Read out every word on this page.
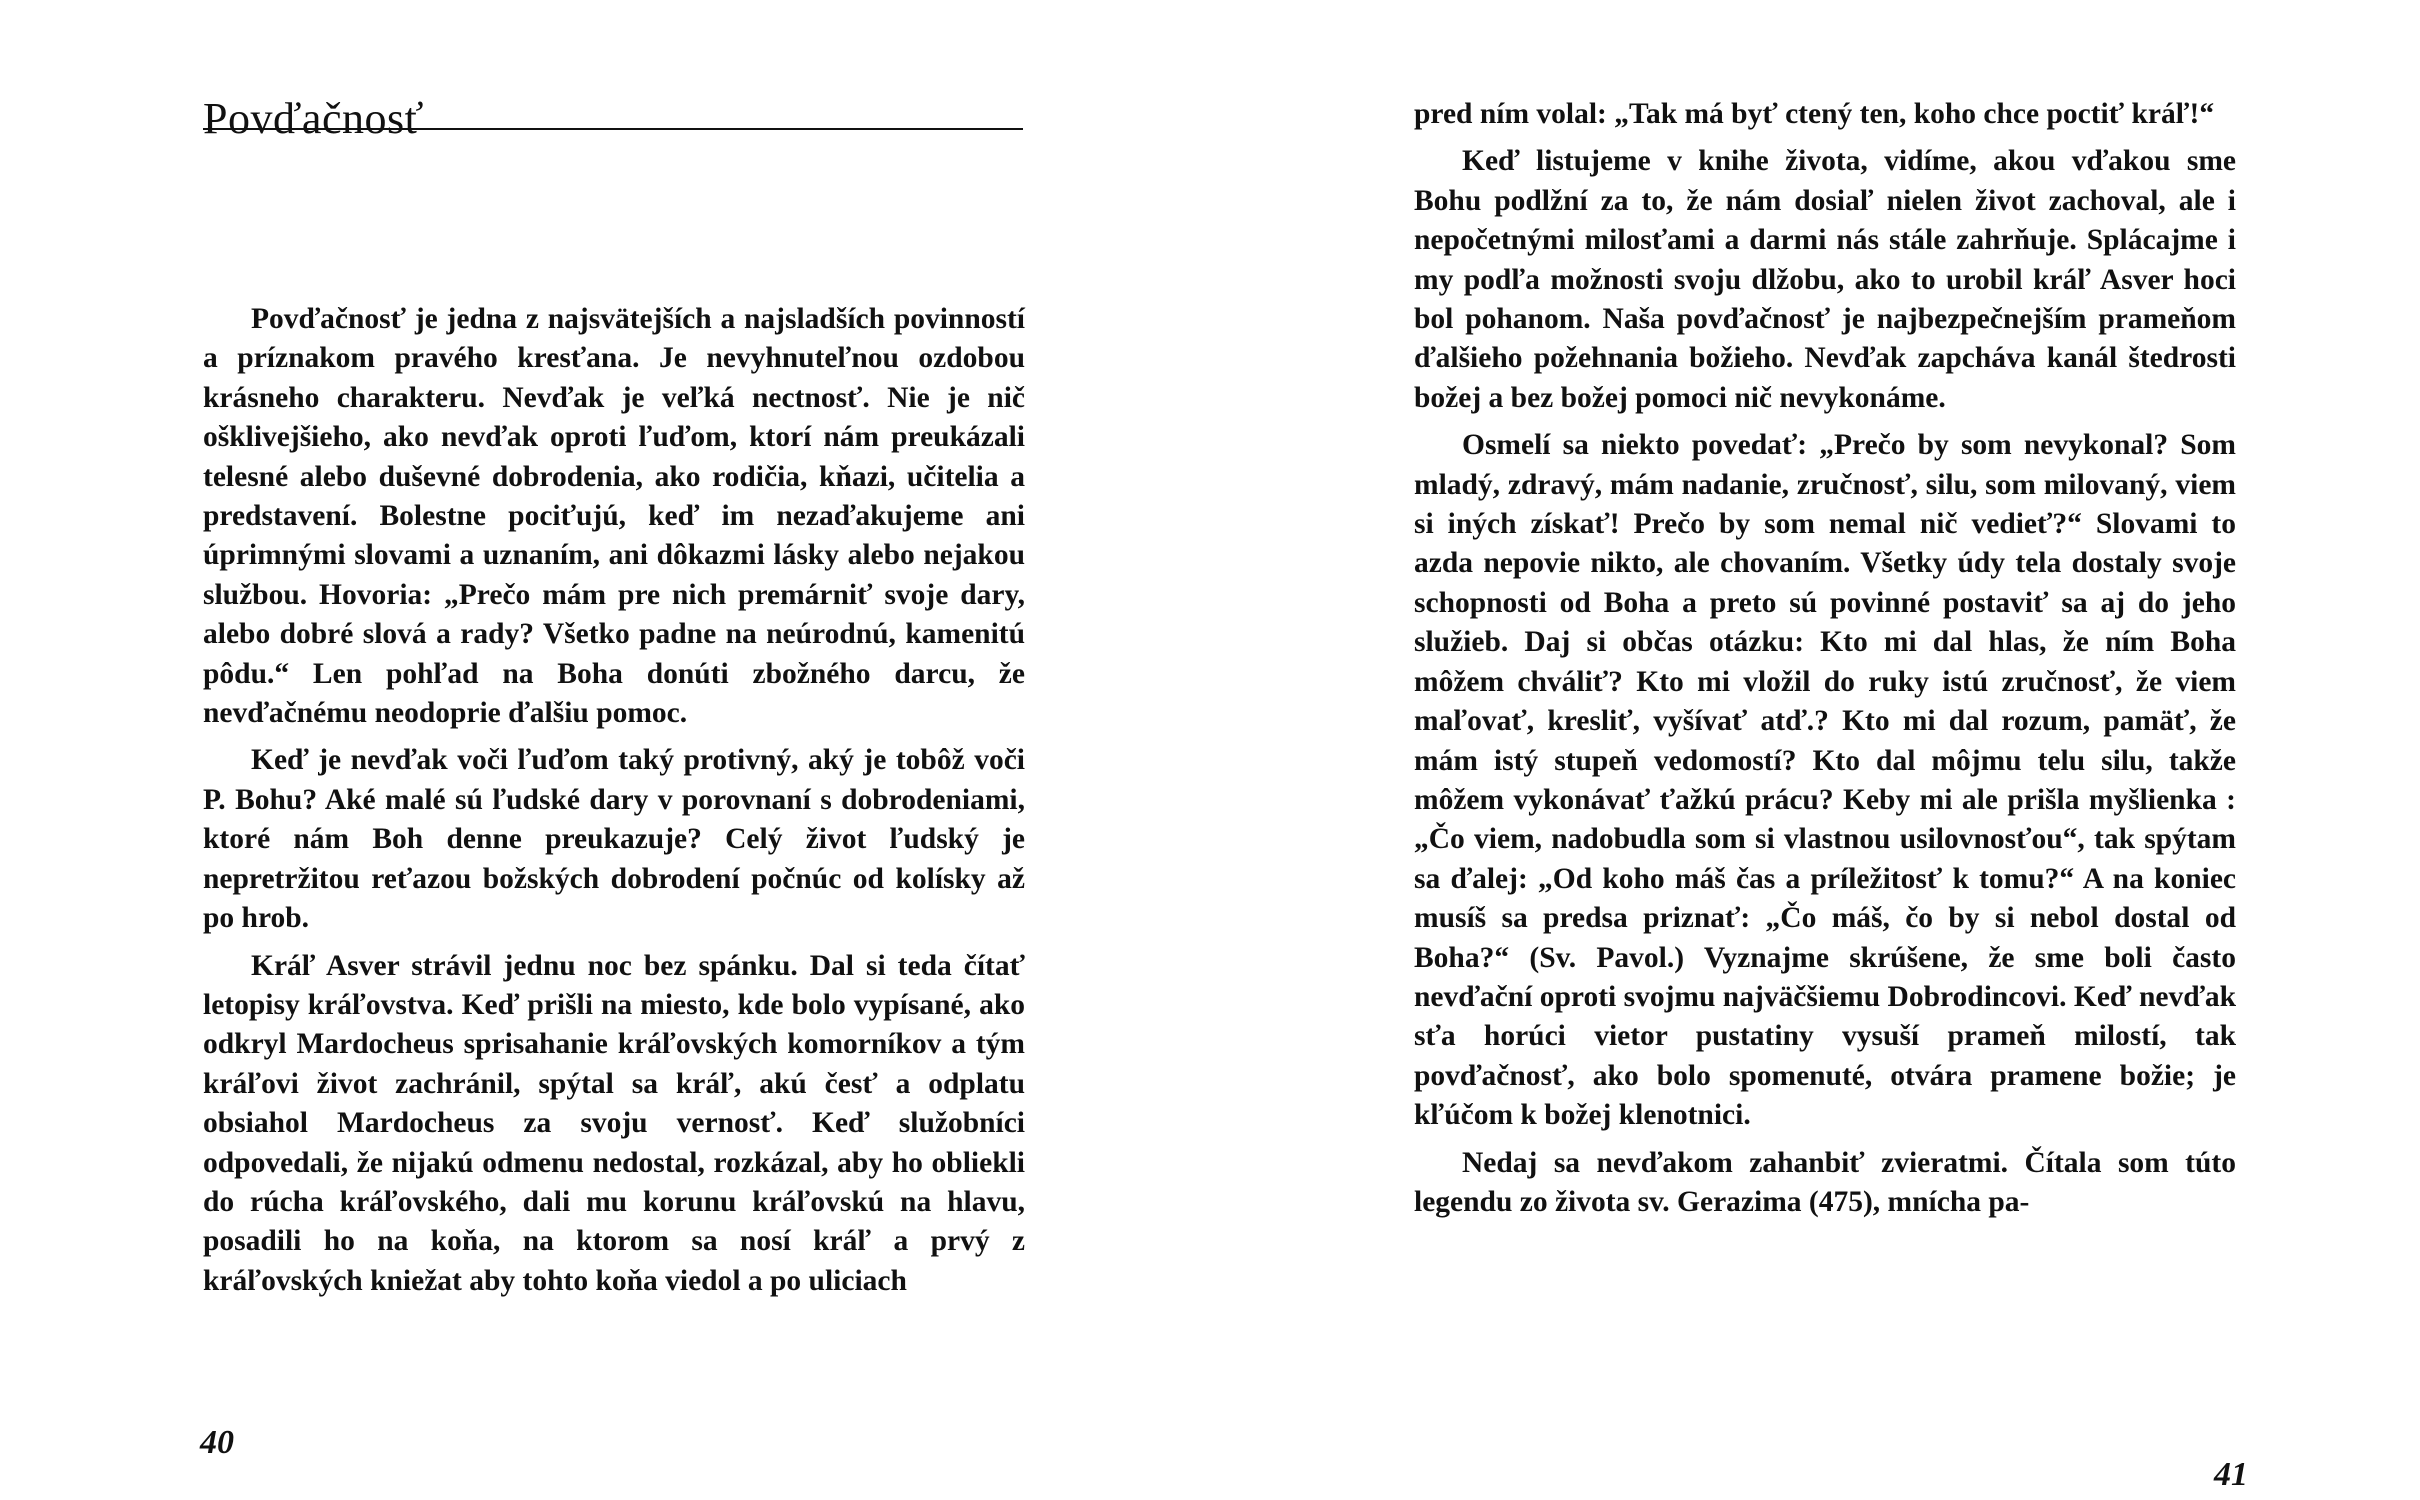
Povďačnosť

Povďačnosť je jedna z najsvätejších a najsladších povinností a príznakom pravého kresťana. Je nevyhnuteľnou ozdobou krásneho charakteru. Nevďak je veľká nectnosť. Nie je nič ošklivejšieho, ako nevďak oproti ľuďom, ktorí nám preukázali telesné alebo duševné dobrodenia, ako rodičia, kňazi, učitelia a predstavení. Bolestne pociťujú, keď im nezaďakujeme ani úprimnými slovami a uznaním, ani dôkazmi lásky alebo nejakou službou. Hovoria: „Prečo mám pre nich premárniť svoje dary, alebo dobré slová a rady? Všetko padne na neúrodnú, kamenitú pôdu.“ Len pohľad na Boha donúti zbožného darcu, že nevďačnému neodoprie ďalšiu pomoc.

Keď je nevďak voči ľuďom taký protivný, aký je tobôž voči P. Bohu? Aké malé sú ľudské dary v porovnaní s dobrodeniami, ktoré nám Boh denne preukazuje? Celý život ľudský je nepretržitou reťazou božských dobrodení počnúc od kolísky až po hrob.

Kráľ Asver strávil jednu noc bez spánku. Dal si teda čítať letopisy kráľovstva. Keď prišli na miesto, kde bolo vypísané, ako odkryl Mardocheus sprisahanie kráľovských komorníkov a tým kráľovi život zachránil, spýtal sa kráľ, akú česť a odplatu obsiahol Mardocheus za svoju vernosť. Keď služobníci odpovedali, že nijakú odmenu nedostal, rozkázal, aby ho obliekli do rúcha kráľovského, dali mu korunu kráľovskú na hlavu, posadili ho na koňa, na ktorom sa nosí kráľ a prvý z kráľovských kniežat aby tohto koňa viedol a po uliciach

40

pred ním volal: „Tak má byť ctený ten, koho chce poctiť kráľ!“

Keď listujeme v knihe života, vidíme, akou vďakou sme Bohu podlžní za to, že nám dosiaľ nielen život zachoval, ale i nepočetnými milosťami a darmi nás stále zahrňuje. Splácajme i my podľa možnosti svoju dlžobu, ako to urobil kráľ Asver hoci bol pohanom. Naša povďačnosť je najbezpečnejším prameňom ďalšieho požehnania božieho. Nevďak zapcháva kanál štedrosti božej a bez božej pomoci nič nevykonáme.

Osmelí sa niekto povedať: „Prečo by som nevykonal? Som mladý, zdravý, mám nadanie, zručnosť, silu, som milovaný, viem si iných získať! Prečo by som nemal nič vedieť?“ Slovami to azda nepovie nikto, ale chovaním. Všetky údy tela dostaly svoje schopnosti od Boha a preto sú povinné postaviť sa aj do jeho služieb. Daj si občas otázku: Kto mi dal hlas, že ním Boha môžem chváliť? Kto mi vložil do ruky istú zručnosť, že viem maľovať, kresliť, vyšívať atď.? Kto mi dal rozum, pamäť, že mám istý stupeň vedomostí? Kto dal môjmu telu silu, takže môžem vykonávať ťažkú prácu? Keby mi ale prišla myšlienka :„Čo viem, nadobudla som si vlastnou usilovnosťou“, tak spýtam sa ďalej: „Od koho máš čas a príležitosť k tomu?“ A na koniec musíš sa predsa priznať: „Čo máš, čo by si nebol dostal od Boha?“ (Sv. Pavol.) Vyznajme skrúšene, že sme boli často nevďační oproti svojmu najväčšiemu Dobrodincovi. Keď nevďak sťa horúci vietor pustatiny vysuší prameň milostí, tak povďačnosť, ako bolo spomenuté, otvára pramene božie; je kľúčom k božej klenotnici.

Nedaj sa nevďakom zahanbiť zvieratmi. Čítala som túto legendu zo života sv. Gerazima (475), mnícha pa-

41
